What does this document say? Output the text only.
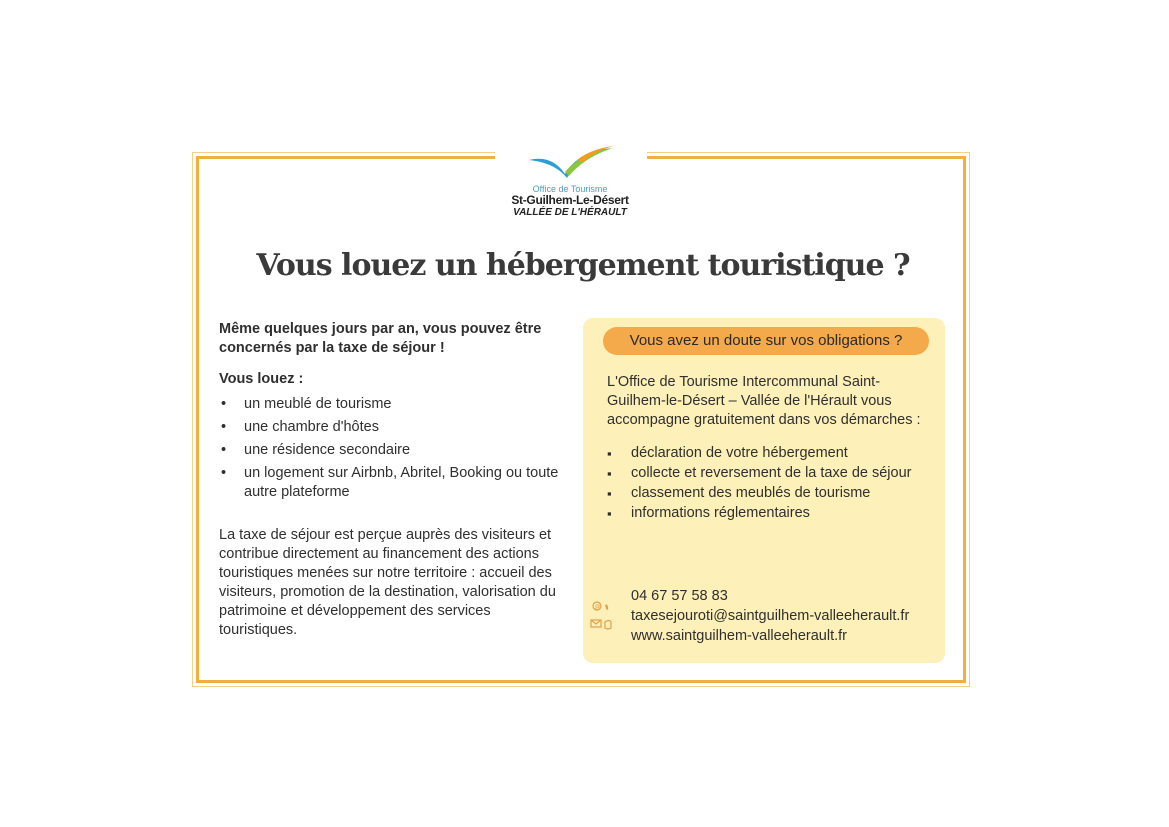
Office de Tourisme
St-Guilhem-Le-Désert
VALLÉE DE L'HÉRAULT
Vous louez un hébergement touristique ?

Même quelques jours par an, vous pouvez être concernés par la taxe de séjour !

Vous louez :

• un meublé de tourisme
• une chambre d'hôtes
• une résidence secondaire
• un logement sur Airbnb, Abritel, Booking ou toute autre plateforme

La taxe de séjour est perçue auprès des visiteurs et contribue directement au financement des actions touristiques menées sur notre territoire : accueil des visiteurs, promotion de la destination, valorisation du patrimoine et développement des services touristiques.

Vous avez un doute sur vos obligations ?

L'Office de Tourisme Intercommunal Saint-Guilhem-le-Désert – Vallée de l'Hérault vous accompagne gratuitement dans vos démarches :

▪ déclaration de votre hébergement
▪ collecte et reversement de la taxe de séjour
▪ classement des meublés de tourisme
▪ informations réglementaires
@
04 67 57 58 83
taxesejouroti@saintguilhem-valleeherault.fr
www.saintguilhem-valleeherault.fr
